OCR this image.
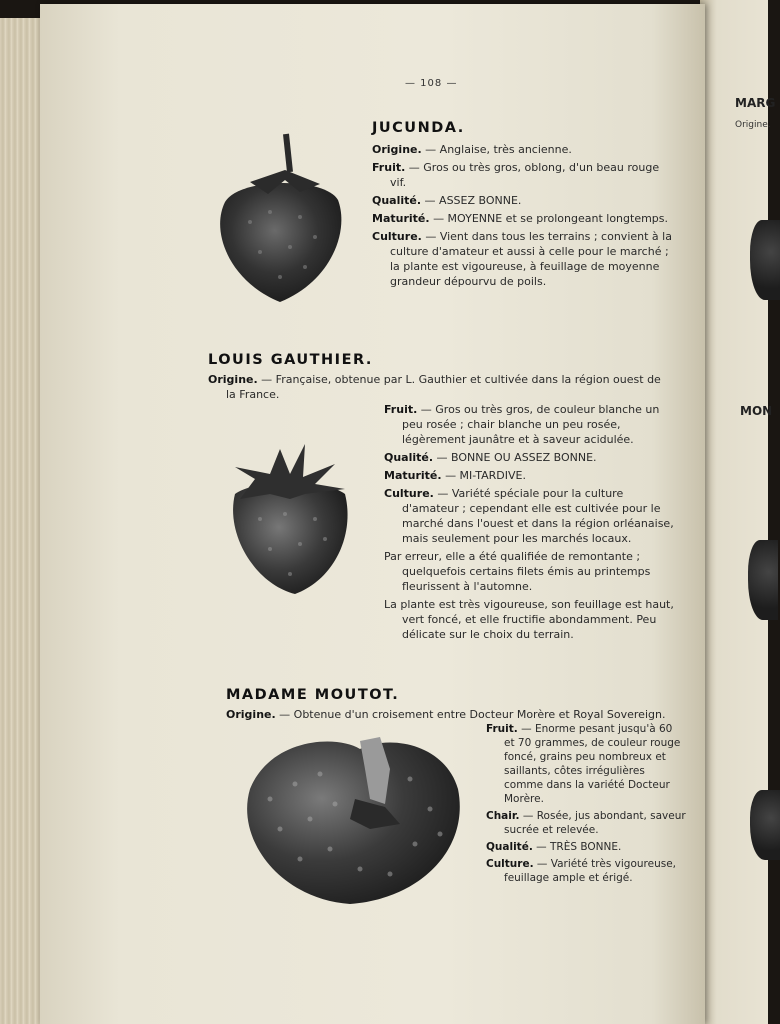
MARG
Origine.
MON
— 108 —
JUCUNDA.

Origine. — Anglaise, très ancienne.

Fruit. — Gros ou très gros, oblong, d'un beau rouge vif.

Qualité. — ASSEZ BONNE.

Maturité. — MOYENNE et se prolongeant longtemps.

Culture. — Vient dans tous les terrains ; convient à la culture d'amateur et aussi à celle pour le marché ; la plante est vigoureuse, à feuillage de moyenne grandeur dépourvu de poils.

LOUIS GAUTHIER.

Origine. — Française, obtenue par L. Gauthier et cultivée dans la région ouest de la France.

Fruit. — Gros ou très gros, de couleur blanche un peu rosée ; chair blanche un peu rosée, légèrement jaunâtre et à saveur acidulée.

Qualité. — BONNE OU ASSEZ BONNE.

Maturité. — MI-TARDIVE.

Culture. — Variété spéciale pour la culture d'amateur ; cependant elle est cultivée pour le marché dans l'ouest et dans la région orléanaise, mais seulement pour les marchés locaux.

Par erreur, elle a été qualifiée de remontante ; quelquefois certains filets émis au printemps fleurissent à l'automne.

La plante est très vigoureuse, son feuillage est haut, vert foncé, et elle fructifie abondamment. Peu délicate sur le choix du terrain.

MADAME MOUTOT.

Origine. — Obtenue d'un croisement entre Docteur Morère et Royal Sovereign.

Fruit. — Enorme pesant jusqu'à 60 et 70 grammes, de couleur rouge foncé, grains peu nombreux et saillants, côtes irrégulières comme dans la variété Docteur Morère.

Chair. — Rosée, jus abondant, saveur sucrée et relevée.

Qualité. — TRÈS BONNE.

Culture. — Variété très vigoureuse, feuillage ample et érigé.
